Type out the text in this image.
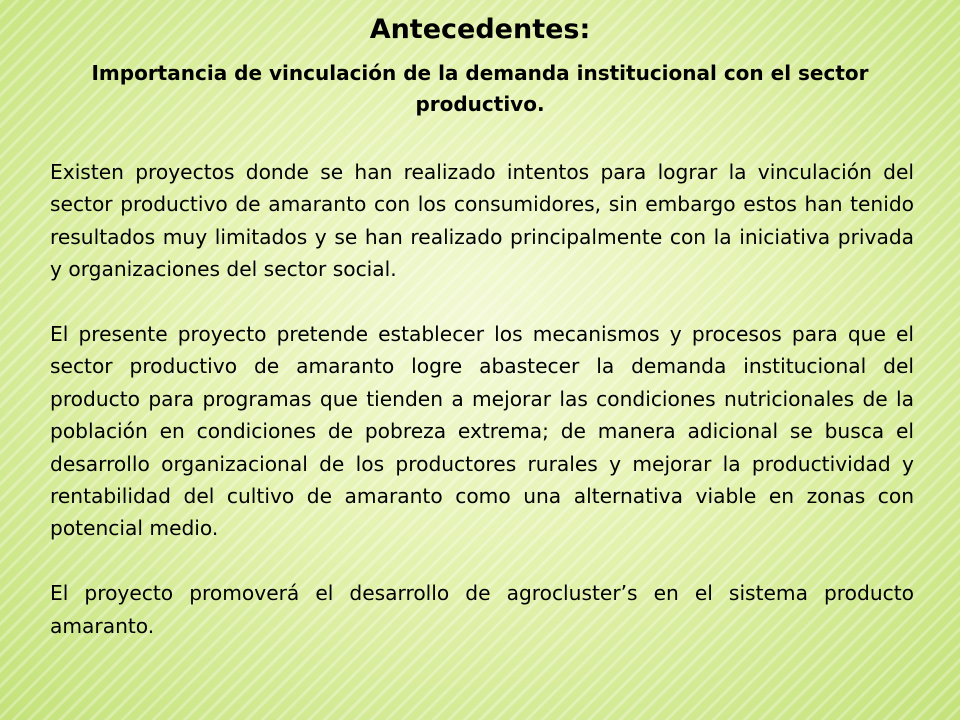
Antecedentes:
Importancia de vinculación de la demanda institucional con el sector productivo.

Existen proyectos donde se han realizado intentos para lograr la vinculación del sector productivo de amaranto con los consumidores, sin embargo estos han tenido resultados muy limitados y se han realizado principalmente con la iniciativa privada y organizaciones del sector social.

El presente proyecto pretende establecer los mecanismos y procesos para que el sector productivo de amaranto logre abastecer la demanda institucional del producto para programas que tienden a mejorar las condiciones nutricionales de la población en condiciones de pobreza extrema; de manera adicional se busca el desarrollo organizacional de los productores rurales y mejorar la productividad y rentabilidad del cultivo de amaranto como una alternativa viable en zonas con potencial medio.

El proyecto promoverá el desarrollo de agrocluster’s en el sistema producto amaranto.
